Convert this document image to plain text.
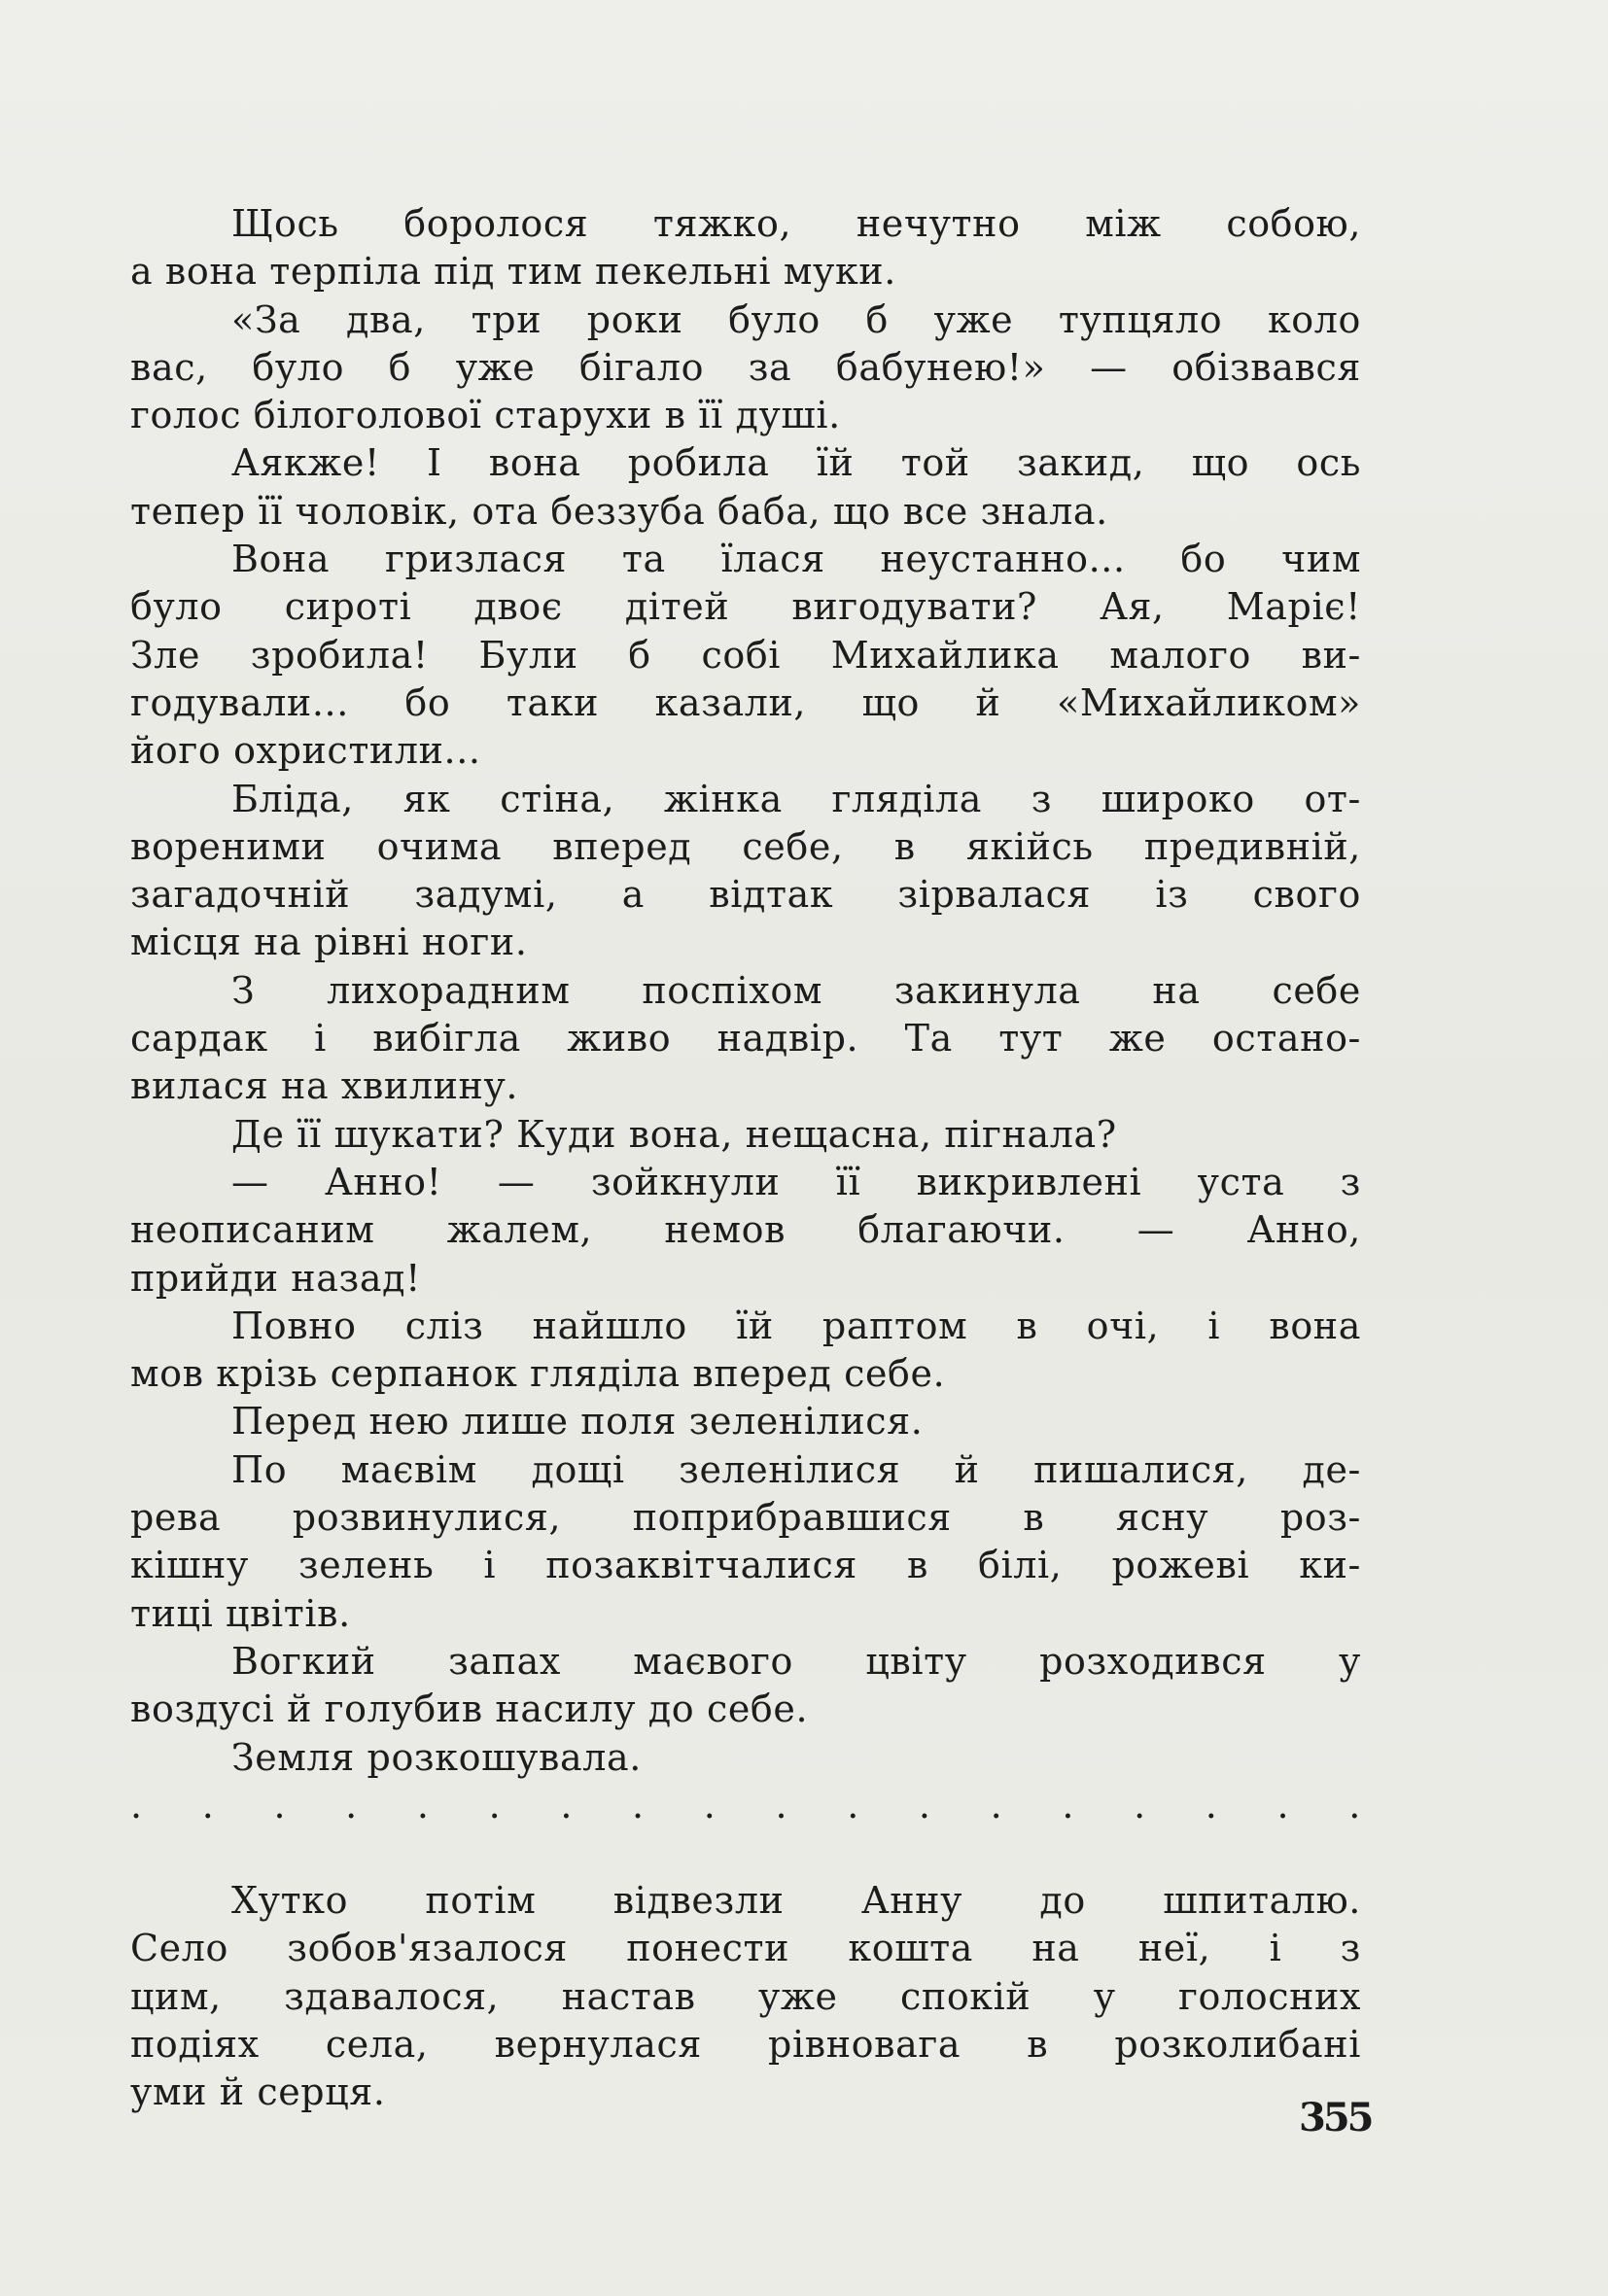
Щось боролося тяжко, нечутно між собою,
а вона терпіла під тим пекельні муки.
«За два, три роки було б уже тупцяло коло
вас, було б уже бігало за бабунею!» — обізвався
голос білоголової старухи в її душі.
Аякже! І вона робила їй той закид, що ось
тепер її чоловік, ота беззуба баба, що все знала.
Вона гризлася та їлася неустанно... бо чим
було сироті двоє дітей вигодувати? Ая, Маріє!
Зле зробила! Були б собі Михайлика малого ви-
годували... бо таки казали, що й «Михайликом»
його охристили...
Бліда, як стіна, жінка гляділа з широко от-
вореними очима вперед себе, в якійсь предивній,
загадочній задумі, а відтак зірвалася із свого
місця на рівні ноги.
З лихорадним поспіхом закинула на себе
сардак і вибігла живо надвір. Та тут же остано-
вилася на хвилину.
Де її шукати? Куди вона, нещасна, пігнала?
— Анно! — зойкнули її викривлені уста з
неописаним жалем, немов благаючи. — Анно,
прийди назад!
Повно сліз найшло їй раптом в очі, і вона
мов крізь серпанок гляділа вперед себе.
Перед нею лише поля зеленілися.
По маєвім дощі зеленілися й пишалися, де-
рева розвинулися, поприбравшися в ясну роз-
кішну зелень і позаквітчалися в білі, рожеві ки-
тиці цвітів.
Вогкий запах маєвого цвіту розходився у
воздусі й голубив насилу до себе.
Земля розкошувала.
. . . . . . . . . . . . . . . . . .
Хутко потім відвезли Анну до шпиталю.
Село зобов'язалося понести кошта на неї, і з
цим, здавалося, настав уже спокій у голосних
подіях села, вернулася рівновага в розколибані
уми й серця.
355
